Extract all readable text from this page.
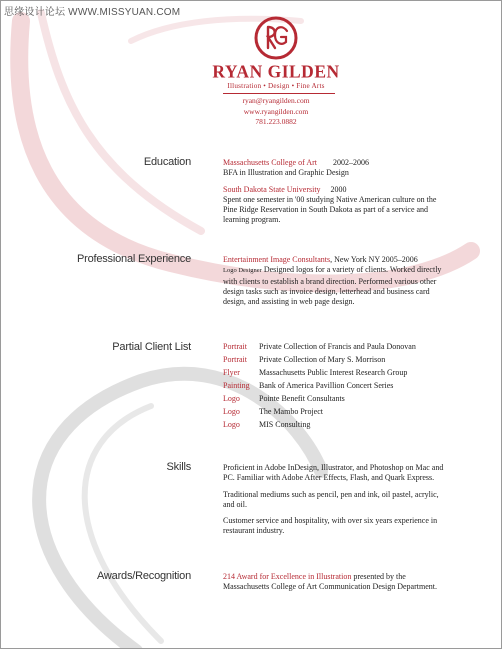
思缘设计论坛 WWW.MISSYUAN.COM
RYAN GILDEN
Illustration • Design • Fine Arts
ryan@ryangilden.com
www.ryangilden.com
781.223.0882
Education	Massachusetts College of Art 2002–2006
BFA in Illustration and Graphic Design
South Dakota State University 2000
Spent one semester in '00 studying Native American culture on the Pine Ridge Reservation in South Dakota as part of a service and learning program.
Professional Experience	Entertainment Image Consultants, New York NY 2005–2006
Logo Designer Designed logos for a variety of clients. Worked directly with clients to establish a brand direction. Performed various other design tasks such as invoice design, letterhead and business card design, and assisting in web page design.
Partial Client List	Portrait Private Collection of Francis and Paula Donovan
Portrait Private Collection of Mary S. Morrison
Flyer Massachusetts Public Interest Research Group
Painting Bank of America Pavillion Concert Series
Logo Pointe Benefit Consultants
Logo The Mambo Project
Logo MIS Consulting
Skills	Proficient in Adobe InDesign, Illustrator, and Photoshop on Mac and PC. Familiar with Adobe After Effects, Flash, and Quark Express.
Traditional mediums such as pencil, pen and ink, oil pastel, acrylic, and oil.
Customer service and hospitality, with over six years experience in restaurant industry.
Awards/Recognition	214 Award for Excellence in Illustration presented by the Massachusetts College of Art Communication Design Department.
